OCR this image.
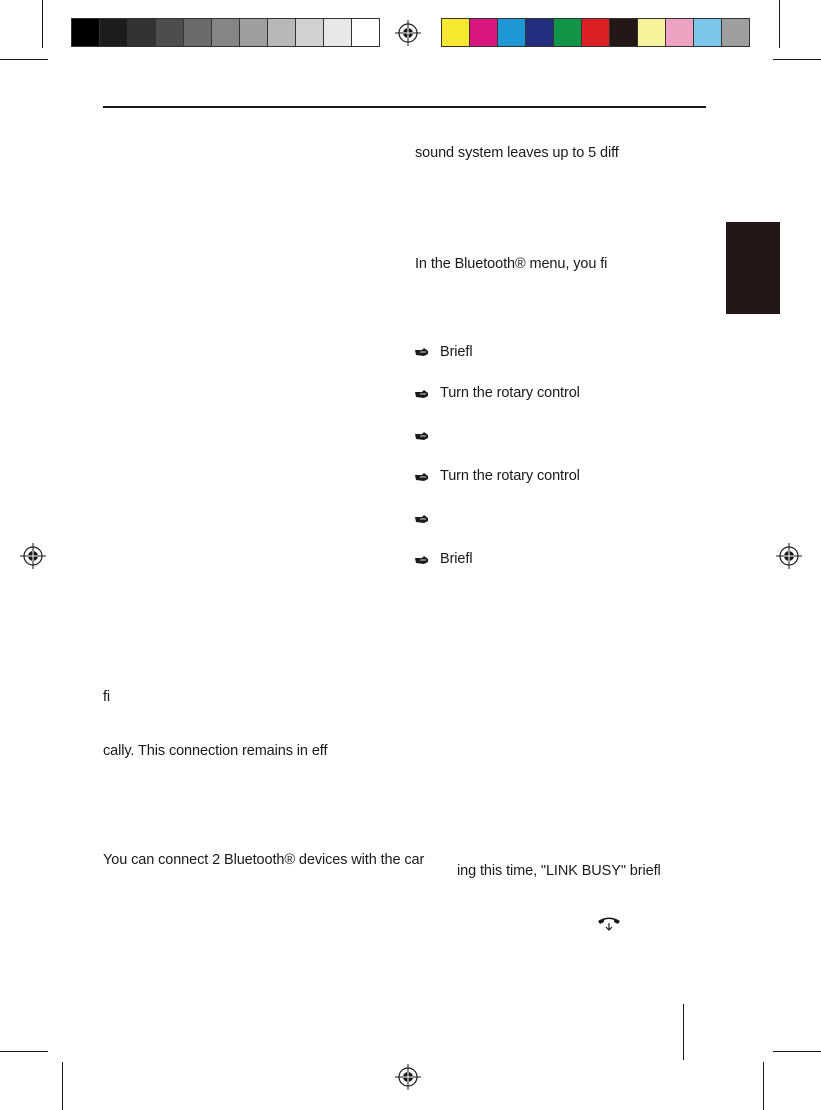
sound system leaves up to 5 diff
In the Bluetooth® menu, you fi
Briefl
Turn the rotary control
Turn the rotary control
Briefl
fi
cally. This connection remains in eff
You can connect 2 Bluetooth® devices with the car
ing this time, "LINK BUSY" briefl
